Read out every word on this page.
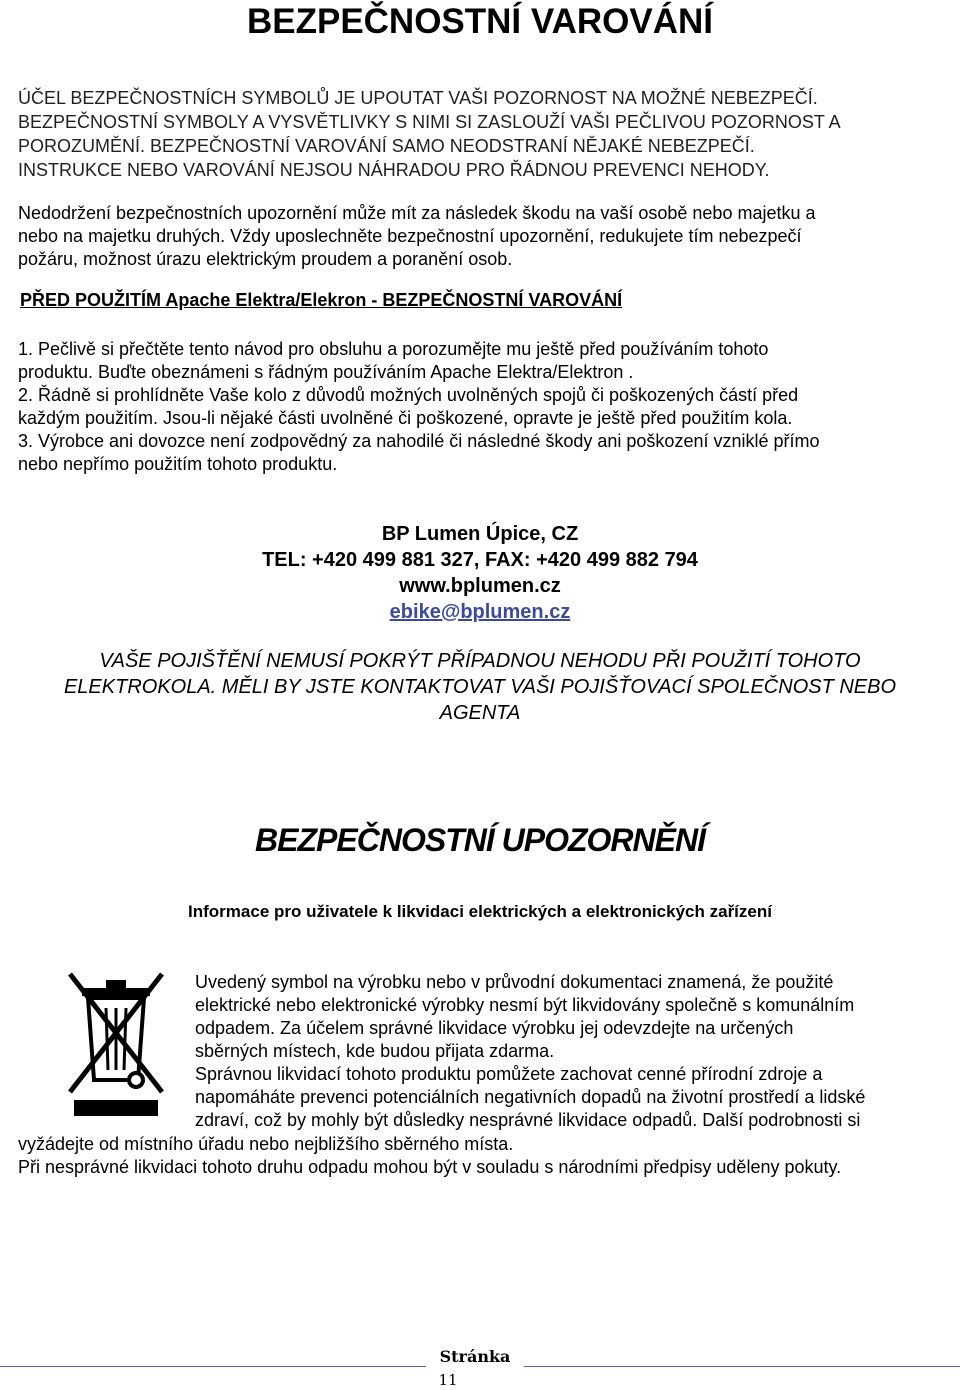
BEZPEČNOSTNÍ VAROVÁNÍ
ÚČEL BEZPEČNOSTNÍCH SYMBOLŮ JE UPOUTAT VAŠI POZORNOST NA MOŽNÉ NEBEZPEČÍ.
BEZPEČNOSTNÍ SYMBOLY A VYSVĚTLIVKY S NIMI SI ZASLOUŽÍ VAŠI PEČLIVOU POZORNOST A
POROZUMĚNÍ. BEZPEČNOSTNÍ VAROVÁNÍ SAMO NEODSTRANÍ NĚJAKÉ NEBEZPEČÍ.
INSTRUKCE NEBO VAROVÁNÍ NEJSOU NÁHRADOU PRO ŘÁDNOU PREVENCI NEHODY.
Nedodržení bezpečnostních upozornění může mít za následek škodu na vaší osobě nebo majetku a
nebo na majetku druhých. Vždy uposlechněte bezpečnostní upozornění, redukujete tím nebezpečí
požáru, možnost úrazu elektrickým proudem a poranění osob.
PŘED POUŽITÍM Apache Elektra/Elekron - BEZPEČNOSTNÍ VAROVÁNÍ
1. Pečlivě si přečtěte tento návod pro obsluhu a porozumějte mu ještě před používáním tohoto
produktu. Buďte obeznámeni s řádným používáním Apache Elektra/Elektron .
2. Řádně si prohlídněte Vaše kolo z důvodů možných uvolněných spojů či poškozených částí před
každým použitím. Jsou-li nějaké části uvolněné či poškozené, opravte je ještě před použitím kola.
3. Výrobce ani dovozce není zodpovědný za nahodilé či následné škody ani poškození vzniklé přímo
nebo nepřímo použitím tohoto produktu.
BP Lumen Úpice, CZ
TEL: +420 499 881 327, FAX: +420 499 882 794
www.bplumen.cz
ebike@bplumen.cz
VAŠE POJIŠŤĚNÍ NEMUSÍ POKRÝT PŘÍPADNOU NEHODU PŘI POUŽITÍ TOHOTO
ELEKTROKOLA. MĚLI BY JSTE KONTAKTOVAT VAŠI POJIŠŤOVACÍ SPOLEČNOST NEBO
AGENTA
BEZPEČNOSTNÍ UPOZORNĚNÍ
Informace pro uživatele k likvidaci elektrických a elektronických zařízení
Uvedený symbol na výrobku nebo v průvodní dokumentaci znamená, že použité
elektrické nebo elektronické výrobky nesmí být likvidovány společně s komunálním
odpadem. Za účelem správné likvidace výrobku jej odevzdejte na určených
sběrných místech, kde budou přijata zdarma.
Správnou likvidací tohoto produktu pomůžete zachovat cenné přírodní zdroje a
napomáháte prevenci potenciálních negativních dopadů na životní prostředí a lidské
zdraví, což by mohly být důsledky nesprávné likvidace odpadů. Další podrobnosti si
vyžádejte od místního úřadu nebo nejbližšího sběrného místa.
Při nesprávné likvidaci tohoto druhu odpadu mohou být v souladu s národními předpisy uděleny pokuty.
Stránka
11
